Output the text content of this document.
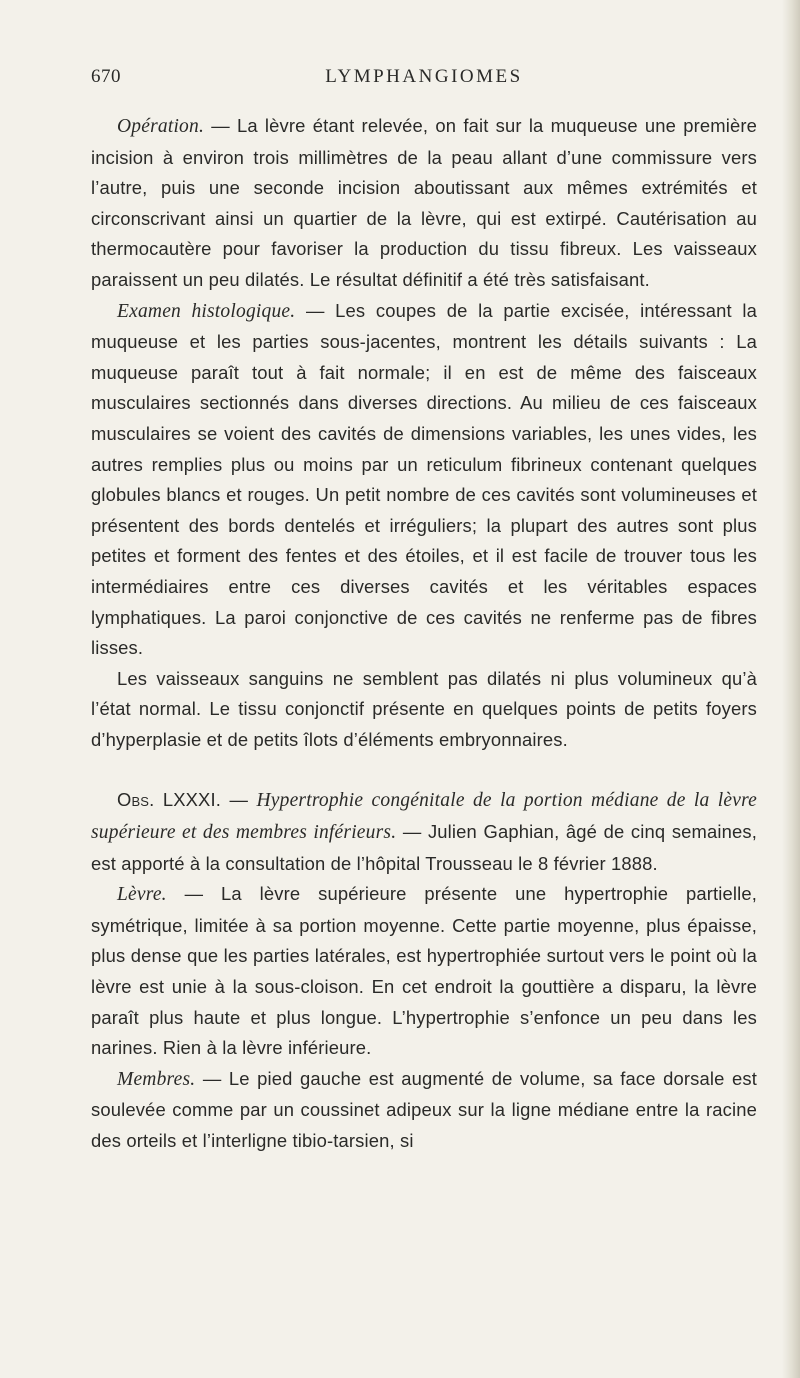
670	LYMPHANGIOMES

Opération. — La lèvre étant relevée, on fait sur la muqueuse une première incision à environ trois millimètres de la peau allant d’une commissure vers l’autre, puis une seconde incision aboutissant aux mêmes extrémités et circonscrivant ainsi un quartier de la lèvre, qui est extirpé. Cautérisation au thermocautère pour favoriser la production du tissu fibreux. Les vaisseaux paraissent un peu dilatés. Le résultat définitif a été très satisfaisant.

Examen histologique. — Les coupes de la partie excisée, intéressant la muqueuse et les parties sous-jacentes, montrent les détails suivants : La muqueuse paraît tout à fait normale; il en est de même des faisceaux musculaires sectionnés dans diverses directions. Au milieu de ces faisceaux musculaires se voient des cavités de dimensions variables, les unes vides, les autres remplies plus ou moins par un reticulum fibrineux contenant quelques globules blancs et rouges. Un petit nombre de ces cavités sont volumineuses et présentent des bords dentelés et irréguliers; la plupart des autres sont plus petites et forment des fentes et des étoiles, et il est facile de trouver tous les intermédiaires entre ces diverses cavités et les véritables espaces lymphatiques. La paroi conjonctive de ces cavités ne renferme pas de fibres lisses.

Les vaisseaux sanguins ne semblent pas dilatés ni plus volumineux qu’à l’état normal. Le tissu conjonctif présente en quelques points de petits foyers d’hyperplasie et de petits îlots d’éléments embryonnaires.

Obs. LXXXI. — Hypertrophie congénitale de la portion médiane de la lèvre supérieure et des membres inférieurs. — Julien Gaphian, âgé de cinq semaines, est apporté à la consultation de l’hôpital Trousseau le 8 février 1888.

Lèvre. — La lèvre supérieure présente une hypertrophie partielle, symétrique, limitée à sa portion moyenne. Cette partie moyenne, plus épaisse, plus dense que les parties latérales, est hypertrophiée surtout vers le point où la lèvre est unie à la sous-cloison. En cet endroit la gouttière a disparu, la lèvre paraît plus haute et plus longue. L’hypertrophie s’enfonce un peu dans les narines. Rien à la lèvre inférieure.

Membres. — Le pied gauche est augmenté de volume, sa face dorsale est soulevée comme par un coussinet adipeux sur la ligne médiane entre la racine des orteils et l’interligne tibio-tarsien, si
